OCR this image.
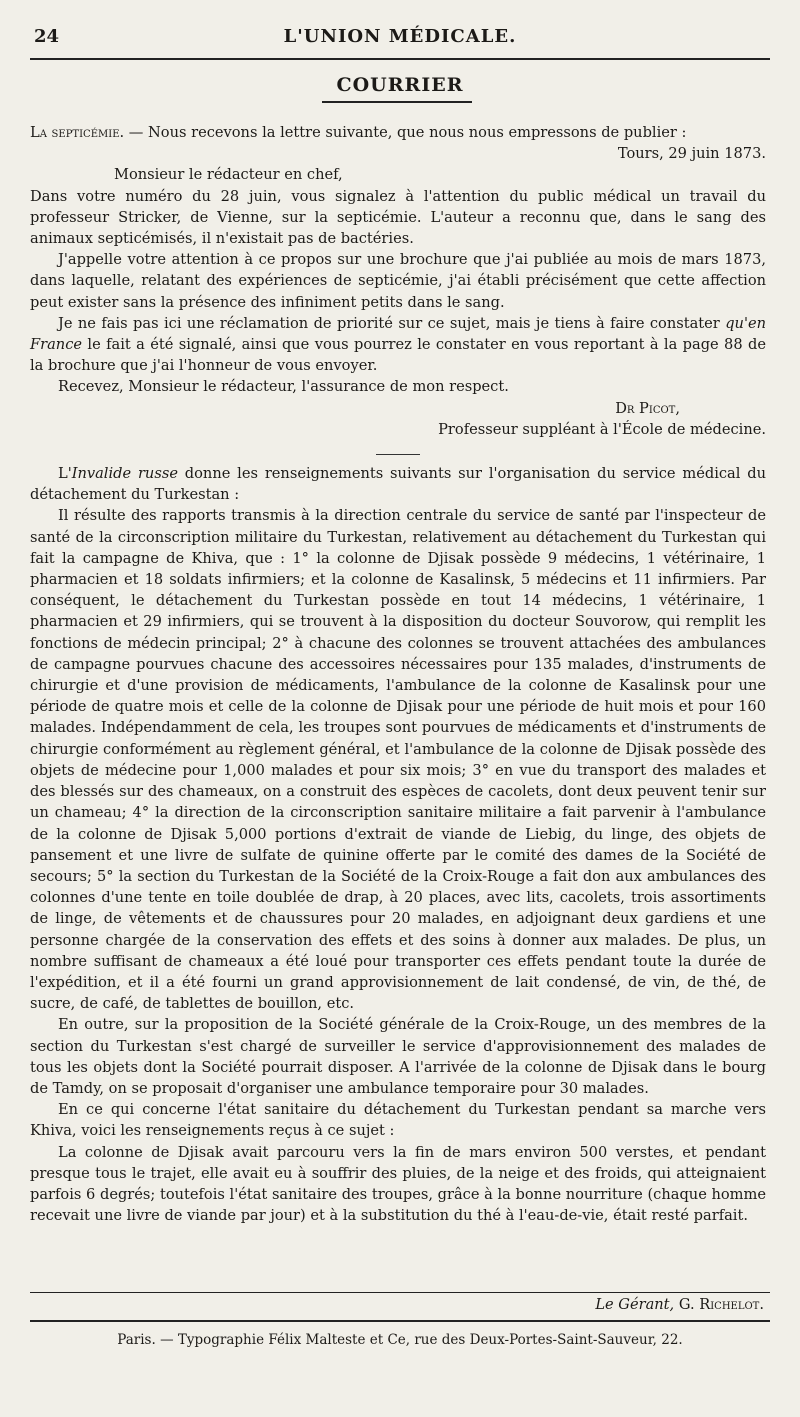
24	L'UNION MÉDICALE.
COURRIER

La septicémie. — Nous recevons la lettre suivante, que nous nous empressons de publier :

Tours, 29 juin 1873.

Monsieur le rédacteur en chef,

Dans votre numéro du 28 juin, vous signalez à l'attention du public médical un travail du professeur Stricker, de Vienne, sur la septicémie. L'auteur a reconnu que, dans le sang des animaux septicémisés, il n'existait pas de bactéries.

J'appelle votre attention à ce propos sur une brochure que j'ai publiée au mois de mars 1873, dans laquelle, relatant des expériences de septicémie, j'ai établi précisément que cette affection peut exister sans la présence des infiniment petits dans le sang.

Je ne fais pas ici une réclamation de priorité sur ce sujet, mais je tiens à faire constater qu'en France le fait a été signalé, ainsi que vous pourrez le constater en vous reportant à la page 88 de la brochure que j'ai l'honneur de vous envoyer.

Recevez, Monsieur le rédacteur, l'assurance de mon respect.

Dr Picot,

Professeur suppléant à l'École de médecine.

L'Invalide russe donne les renseignements suivants sur l'organisation du service médical du détachement du Turkestan :

Il résulte des rapports transmis à la direction centrale du service de santé par l'inspecteur de santé de la circonscription militaire du Turkestan, relativement au détachement du Turkestan qui fait la campagne de Khiva, que : 1° la colonne de Djisak possède 9 médecins, 1 vétérinaire, 1 pharmacien et 18 soldats infirmiers; et la colonne de Kasalinsk, 5 médecins et 11 infirmiers. Par conséquent, le détachement du Turkestan possède en tout 14 médecins, 1 vétérinaire, 1 pharmacien et 29 infirmiers, qui se trouvent à la disposition du docteur Souvorow, qui remplit les fonctions de médecin principal; 2° à chacune des colonnes se trouvent attachées des ambulances de campagne pourvues chacune des accessoires nécessaires pour 135 malades, d'instruments de chirurgie et d'une provision de médicaments, l'ambulance de la colonne de Kasalinsk pour une période de quatre mois et celle de la colonne de Djisak pour une période de huit mois et pour 160 malades. Indépendamment de cela, les troupes sont pourvues de médicaments et d'instruments de chirurgie conformément au règlement général, et l'ambulance de la colonne de Djisak possède des objets de médecine pour 1,000 malades et pour six mois; 3° en vue du transport des malades et des blessés sur des chameaux, on a construit des espèces de cacolets, dont deux peuvent tenir sur un chameau; 4° la direction de la circonscription sanitaire militaire a fait parvenir à l'ambulance de la colonne de Djisak 5,000 portions d'extrait de viande de Liebig, du linge, des objets de pansement et une livre de sulfate de quinine offerte par le comité des dames de la Société de secours; 5° la section du Turkestan de la Société de la Croix-Rouge a fait don aux ambulances des colonnes d'une tente en toile doublée de drap, à 20 places, avec lits, cacolets, trois assortiments de linge, de vêtements et de chaussures pour 20 malades, en adjoignant deux gardiens et une personne chargée de la conservation des effets et des soins à donner aux malades. De plus, un nombre suffisant de chameaux a été loué pour transporter ces effets pendant toute la durée de l'expédition, et il a été fourni un grand approvisionnement de lait condensé, de vin, de thé, de sucre, de café, de tablettes de bouillon, etc.

En outre, sur la proposition de la Société générale de la Croix-Rouge, un des membres de la section du Turkestan s'est chargé de surveiller le service d'approvisionnement des malades de tous les objets dont la Société pourrait disposer. A l'arrivée de la colonne de Djisak dans le bourg de Tamdy, on se proposait d'organiser une ambulance temporaire pour 30 malades.

En ce qui concerne l'état sanitaire du détachement du Turkestan pendant sa marche vers Khiva, voici les renseignements reçus à ce sujet :

La colonne de Djisak avait parcouru vers la fin de mars environ 500 verstes, et pendant presque tous le trajet, elle avait eu à souffrir des pluies, de la neige et des froids, qui atteignaient parfois 6 degrés; toutefois l'état sanitaire des troupes, grâce à la bonne nourriture (chaque homme recevait une livre de viande par jour) et à la substitution du thé à l'eau-de-vie, était resté parfait.

Le Gérant, G. Richelot.
Paris. — Typographie Félix Malteste et Ce, rue des Deux-Portes-Saint-Sauveur, 22.
